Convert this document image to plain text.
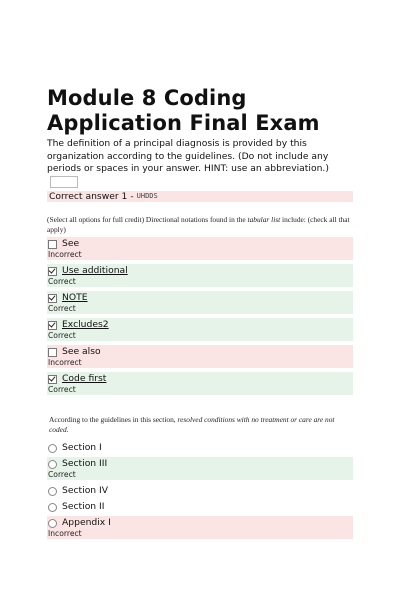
Module 8 Coding
Application Final Exam
The definition of a principal diagnosis is provided by this organization according to the guidelines. (Do not include any periods or spaces in your answer. HINT: use an abbreviation.)
Correct answer 1 - UHDDS
(Select all options for full credit) Directional notations found in the tabular list include: (check all that apply)
See
Incorrect
Use additional
Correct
NOTE
Correct
Excludes2
Correct
See also
Incorrect
Code first
Correct
According to the guidelines in this section, resolved conditions with no treatment or care are not coded.
Section I
Section III
Correct
Section IV
Section II
Appendix I
Incorrect
